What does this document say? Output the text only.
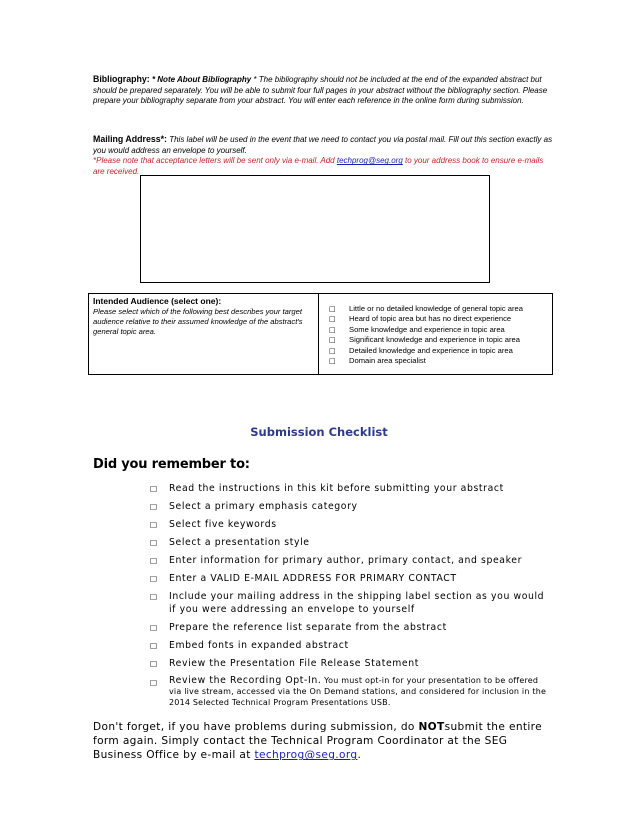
Bibliography: * Note About Bibliography * The bibliography should not be included at the end of the expanded abstract but should be prepared separately. You will be able to submit four full pages in your abstract without the bibliography section. Please prepare your bibliography separate from your abstract. You will enter each reference in the online form during submission.
Mailing Address*: This label will be used in the event that we need to contact you via postal mail. Fill out this section exactly as you would address an envelope to yourself.
*Please note that acceptance letters will be sent only via e-mail. Add techprog@seg.org to your address book to ensure e-mails are received.
Intended Audience (select one):
Please select which of the following best describes your target audience relative to their assumed knowledge of the abstract's general topic area.
□	Little or no detailed knowledge of general topic area
□	Heard of topic area but has no direct experience
□	Some knowledge and experience in topic area
□	Significant knowledge and experience in topic area
□	Detailed knowledge and experience in topic area
□	Domain area specialist
Submission Checklist
Did you remember to:
□	Read the instructions in this kit before submitting your abstract
□	Select a primary emphasis category
□	Select five keywords
□	Select a presentation style
□	Enter information for primary author, primary contact, and speaker
□	Enter a VALID E-MAIL ADDRESS FOR PRIMARY CONTACT
□	Include your mailing address in the shipping label section as you would if you were addressing an envelope to yourself
□	Prepare the reference list separate from the abstract
□	Embed fonts in expanded abstract
□	Review the Presentation File Release Statement
□	Review the Recording Opt-In. You must opt-in for your presentation to be offered via live stream, accessed via the On Demand stations, and considered for inclusion in the 2014 Selected Technical Program Presentations USB.
Don't forget, if you have problems during submission, do NOTsubmit the entire form again. Simply contact the Technical Program Coordinator at the SEG Business Office by e-mail at techprog@seg.org.
